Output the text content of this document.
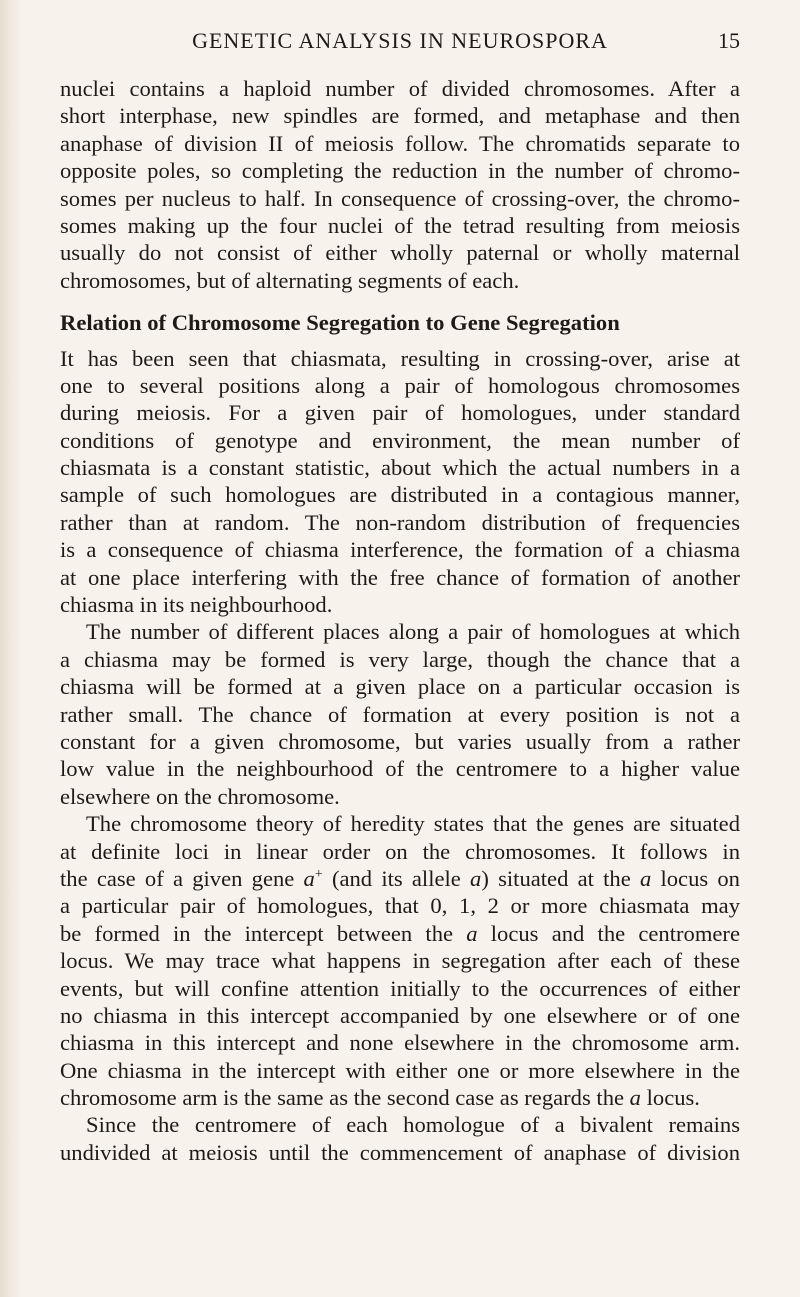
GENETIC ANALYSIS IN NEUROSPORA	15
nuclei contains a haploid number of divided chromosomes. After a
short interphase, new spindles are formed, and metaphase and then
anaphase of division II of meiosis follow. The chromatids separate to
opposite poles, so completing the reduction in the number of chromo-
somes per nucleus to half. In consequence of crossing-over, the chromo-
somes making up the four nuclei of the tetrad resulting from meiosis
usually do not consist of either wholly paternal or wholly maternal
chromosomes, but of alternating segments of each.
Relation of Chromosome Segregation to Gene Segregation
It has been seen that chiasmata, resulting in crossing-over, arise at
one to several positions along a pair of homologous chromosomes
during meiosis. For a given pair of homologues, under standard
conditions of genotype and environment, the mean number of
chiasmata is a constant statistic, about which the actual numbers in a
sample of such homologues are distributed in a contagious manner,
rather than at random. The non-random distribution of frequencies
is a consequence of chiasma interference, the formation of a chiasma
at one place interfering with the free chance of formation of another
chiasma in its neighbourhood.
The number of different places along a pair of homologues at which
a chiasma may be formed is very large, though the chance that a
chiasma will be formed at a given place on a particular occasion is
rather small. The chance of formation at every position is not a
constant for a given chromosome, but varies usually from a rather
low value in the neighbourhood of the centromere to a higher value
elsewhere on the chromosome.
The chromosome theory of heredity states that the genes are situated
at definite loci in linear order on the chromosomes. It follows in
the case of a given gene a+ (and its allele a) situated at the a locus on
a particular pair of homologues, that 0, 1, 2 or more chiasmata may
be formed in the intercept between the a locus and the centromere
locus. We may trace what happens in segregation after each of these
events, but will confine attention initially to the occurrences of either
no chiasma in this intercept accompanied by one elsewhere or of one
chiasma in this intercept and none elsewhere in the chromosome arm.
One chiasma in the intercept with either one or more elsewhere in the
chromosome arm is the same as the second case as regards the a locus.
Since the centromere of each homologue of a bivalent remains
undivided at meiosis until the commencement of anaphase of division
